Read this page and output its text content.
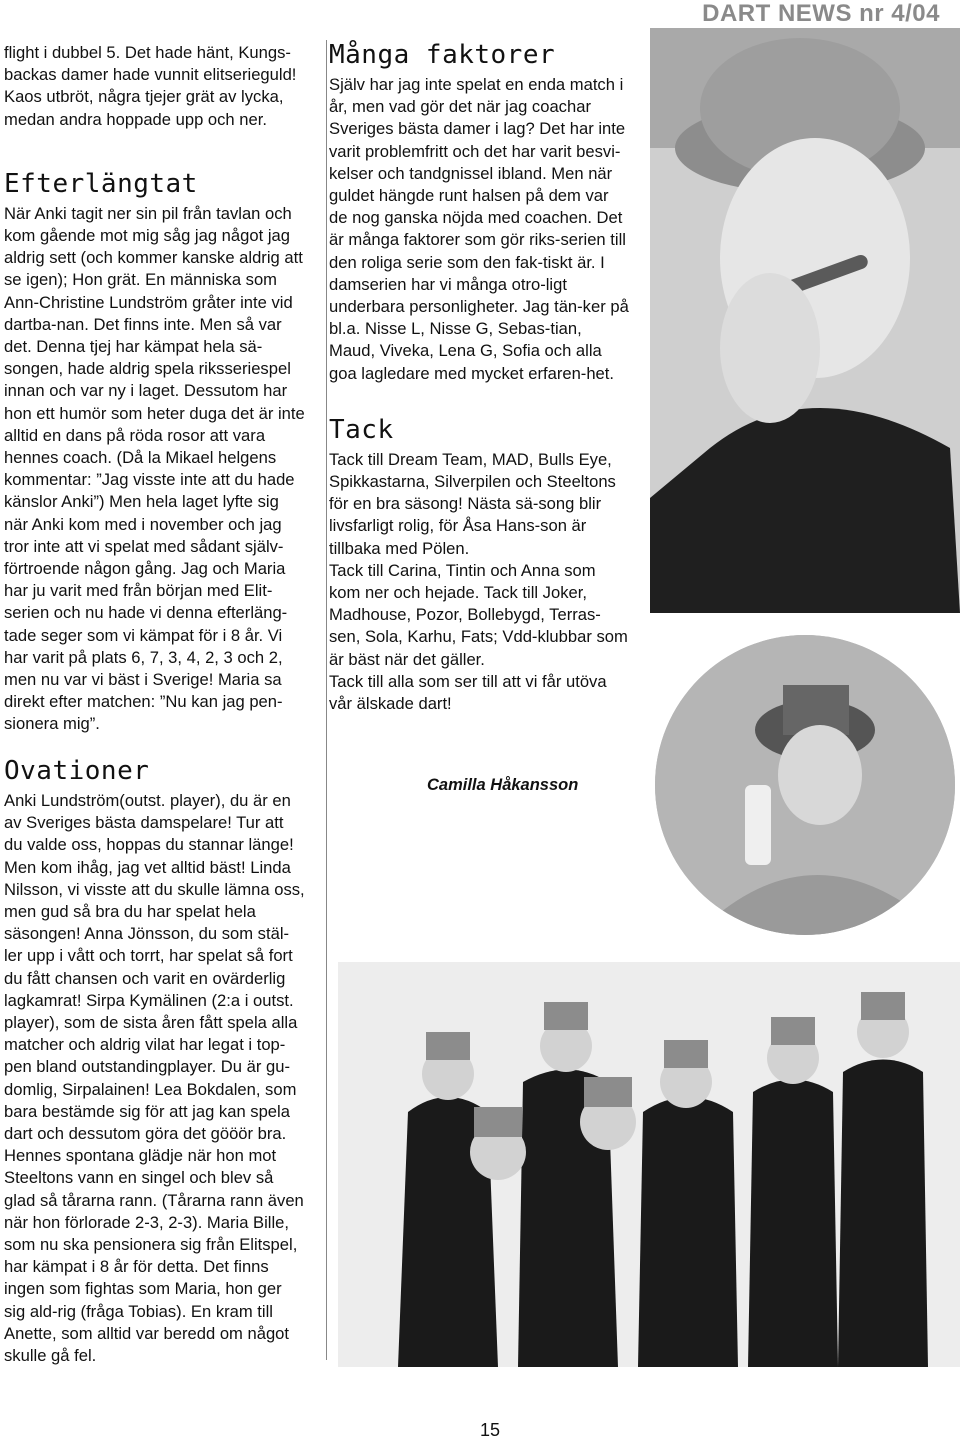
DART NEWS nr 4/04

flight i dubbel 5. Det hade hänt, Kungs-backas damer hade vunnit elitserieguld! Kaos utbröt, några tjejer grät av lycka, medan andra hoppade upp och ner.

Efterlängtat

När Anki tagit ner sin pil från tavlan och kom gående mot mig såg jag något jag aldrig sett (och kommer kanske aldrig att se igen); Hon grät. En människa som Ann-Christine Lundström gråter inte vid dartba-nan. Det finns inte. Men så var det. Denna tjej har kämpat hela sä-songen, hade aldrig spela riksseriespel innan och var ny i laget. Dessutom har hon ett humör som heter duga det är inte alltid en dans på röda rosor att vara hennes coach. (Då la Mikael helgens kommentar: ”Jag visste inte att du hade känslor Anki”) Men hela laget lyfte sig när Anki kom med i november och jag tror inte att vi spelat med sådant själv-förtroende någon gång. Jag och Maria har ju varit med från början med Elit-serien och nu hade vi denna efterläng-tade seger som vi kämpat för i 8 år. Vi har varit på plats 6, 7, 3, 4, 2, 3 och 2, men nu var vi bäst i Sverige! Maria sa direkt efter matchen: ”Nu kan jag pen-sionera mig”.

Ovationer

Anki Lundström(outst. player), du är en av Sveriges bästa damspelare! Tur att du valde oss, hoppas du stannar länge! Men kom ihåg, jag vet alltid bäst! Linda Nilsson, vi visste att du skulle lämna oss, men gud så bra du har spelat hela säsongen! Anna Jönsson, du som stäl-ler upp i vått och torrt, har spelat så fort du fått chansen och varit en ovärderlig lagkamrat! Sirpa Kymälinen (2:a i outst. player), som de sista åren fått spela alla matcher och aldrig vilat har legat i top-pen bland outstandingplayer. Du är gu-domlig, Sirpalainen! Lea Bokdalen, som bara bestämde sig för att jag kan spela dart och dessutom göra det gööör bra. Hennes spontana glädje när hon mot Steeltons vann en singel och blev så glad så tårarna rann. (Tårarna rann även när hon förlorade 2-3, 2-3). Maria Bille, som nu ska pensionera sig från Elitspel, har kämpat i 8 år för detta. Det finns ingen som fightas som Maria, hon ger sig ald-rig (fråga Tobias). En kram till Anette, som alltid var beredd om något skulle gå fel.

Många faktorer

Själv har jag inte spelat en enda match i år, men vad gör det när jag coachar Sveriges bästa damer i lag? Det har inte varit problemfritt och det har varit besvi-kelser och tandgnissel ibland. Men när guldet hängde runt halsen på dem var de nog ganska nöjda med coachen. Det är många faktorer som gör riks-serien till den roliga serie som den fak-tiskt är. I damserien har vi många otro-ligt underbara personligheter. Jag tän-ker på bl.a. Nisse L, Nisse G, Sebas-tian, Maud, Viveka, Lena G, Sofia och alla goa lagledare med mycket erfaren-het.

Tack

Tack till Dream Team, MAD, Bulls Eye, Spikkastarna, Silverpilen och Steeltons för en bra säsong! Nästa sä-song blir livsfarligt rolig, för Åsa Hans-son är tillbaka med Pölen.

Tack till Carina, Tintin och Anna som kom ner och hejade. Tack till Joker, Madhouse, Pozor, Bollebygd, Terras-sen, Sola, Karhu, Fats; Vdd-klubbar som är bäst när det gäller.

Tack till alla som ser till att vi får utöva vår älskade dart!

Camilla Håkansson
15
